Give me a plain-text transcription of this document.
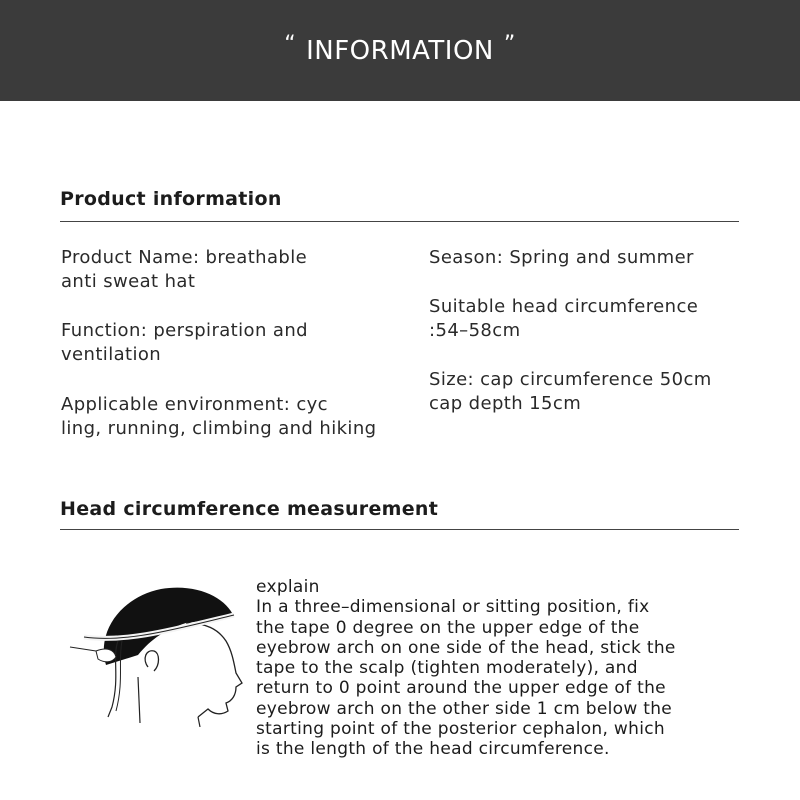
“ INFORMATION ”
Product information
Product Name: breathable
anti sweat hat
Function: perspiration and
ventilation
Applicable environment: cyc
ling, running, climbing and hiking
Season: Spring and summer
Suitable head circumference
:54–58cm
Size: cap circumference 50cm
cap depth 15cm
Head circumference measurement
explain
In a three–dimensional or sitting position, fix
the tape 0 degree on the upper edge of the
eyebrow arch on one side of the head, stick the
tape to the scalp (tighten moderately), and
return to 0 point around the upper edge of the
eyebrow arch on the other side 1 cm below the
starting point of the posterior cephalon, which
is the length of the head circumference.
